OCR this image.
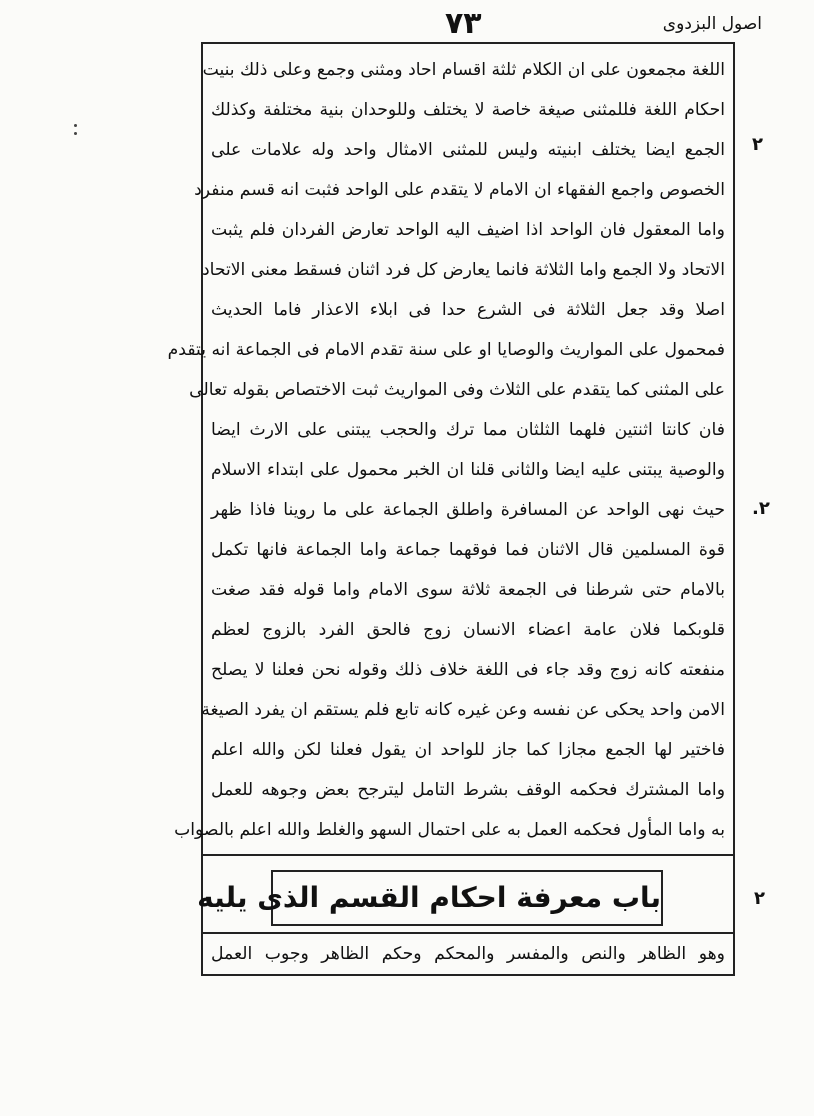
اصول البزدوی
۷۳
۲
۲.
۲
اللغة مجمعون على ان الكلام ثلثة اقسام احاد ومثنى وجمع وعلى ذلك بنيت
احكام اللغة فللمثنى صيغة خاصة لا يختلف وللوحدان بنية مختلفة وكذلك
الجمع ايضا يختلف ابنيته وليس للمثنى الامثال واحد وله علامات على
الخصوص واجمع الفقهاء ان الامام لا يتقدم على الواحد فثبت انه قسم منفرد
واما المعقول فان الواحد اذا اضيف اليه الواحد تعارض الفردان فلم يثبت
الاتحاد ولا الجمع واما الثلاثة فانما يعارض كل فرد اثنان فسقط معنى الاتحاد
اصلا وقد جعل الثلاثة فى الشرع حدا فى ابلاء الاعذار فاما الحديث
فمحمول على المواريث والوصايا او على سنة تقدم الامام فى الجماعة انه يتقدم
على المثنى كما يتقدم على الثلاث وفى المواريث ثبت الاختصاص بقوله تعالى
فان كانتا اثنتين فلهما الثلثان مما ترك والحجب يبتنى على الارث ايضا
والوصية يبتنى عليه ايضا والثانى قلنا ان الخبر محمول على ابتداء الاسلام
حيث نهى الواحد عن المسافرة واطلق الجماعة على ما روينا فاذا ظهر
قوة المسلمين قال الاثنان فما فوقهما جماعة واما الجماعة فانها تكمل
بالامام حتى شرطنا فى الجمعة ثلاثة سوى الامام واما قوله فقد صغت
قلوبكما فلان عامة اعضاء الانسان زوج فالحق الفرد بالزوج لعظم
منفعته كانه زوج وقد جاء فى اللغة خلاف ذلك وقوله نحن فعلنا لا يصلح
الامن واحد يحكى عن نفسه وعن غيره كانه تابع فلم يستقم ان يفرد الصيغة
فاختير لها الجمع مجازا كما جاز للواحد ان يقول فعلنا لكن والله اعلم
واما المشترك فحكمه الوقف بشرط التامل ليترجح بعض وجوهه للعمل
به واما المأول فحكمه العمل به على احتمال السهو والغلط والله اعلم بالصواب
باب معرفة احكام القسم الذى يليه
وهو الظاهر والنص والمفسر والمحكم وحكم الظاهر وجوب العمل
